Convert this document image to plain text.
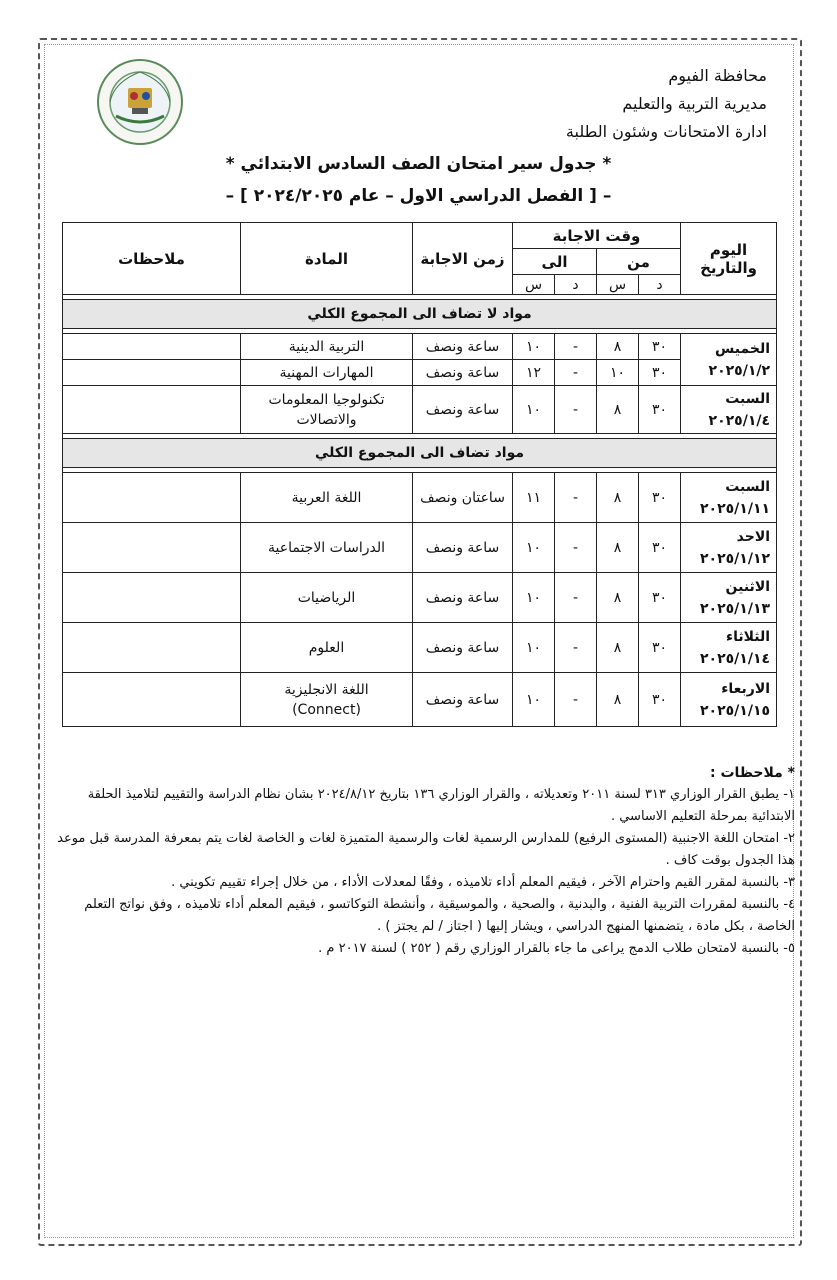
محافظة الفيوم
مديرية التربية والتعليم
ادارة الامتحانات وشئون الطلبة
* جدول سير امتحان الصف السادس الابتدائي *
– [ الفصل الدراسي الاول – عام ٢٠٢٤/٢٠٢٥ ] –
اليوم والتاريخ	وقت الاجابة				زمن الاجابة	المادة	ملاحظات
	من		الى				
	د	س	د	س			

مواد لا تضاف الى المجموع الكلي							

الخميس
٢٠٢٥/١/٢	٣٠	٨	-	١٠	ساعة ونصف	التربية الدينية	
	٣٠	١٠	-	١٢	ساعة ونصف	المهارات المهنية	
السبت
٢٠٢٥/١/٤	٣٠	٨	-	١٠	ساعة ونصف	تكنولوجيا المعلومات والاتصالات	

مواد تضاف الى المجموع الكلي							

السبت
٢٠٢٥/١/١١	٣٠	٨	-	١١	ساعتان ونصف	اللغة العربية	
الاحد
٢٠٢٥/١/١٢	٣٠	٨	-	١٠	ساعة ونصف	الدراسات الاجتماعية	
الاثنين
٢٠٢٥/١/١٣	٣٠	٨	-	١٠	ساعة ونصف	الرياضيات	
الثلاثاء
٢٠٢٥/١/١٤	٣٠	٨	-	١٠	ساعة ونصف	العلوم	
الاربعاء
٢٠٢٥/١/١٥	٣٠	٨	-	١٠	ساعة ونصف	اللغة الانجليزية
(Connect)	

* ملاحظات :

١- يطبق القرار الوزاري ٣١٣ لسنة ٢٠١١ وتعديلاته ، والقرار الوزاري ١٣٦ بتاريخ ٢٠٢٤/٨/١٢ بشان نظام الدراسة والتقييم لتلاميذ الحلقة الابتدائية بمرحلة التعليم الاساسي .

٢- امتحان اللغة الاجنبية (المستوى الرفيع) للمدارس الرسمية لغات والرسمية المتميزة لغات و الخاصة لغات يتم بمعرفة المدرسة قبل موعد هذا الجدول بوقت كاف .

٣- بالنسبة لمقرر القيم واحترام الآخر ، فيقيم المعلم أداء تلاميذه ، وفقًا لمعدلات الأداء ، من خلال إجراء تقييم تكويني .

٤- بالنسبة لمقررات التربية الفنية ، والبدنية ، والصحية ، والموسيقية ، وأنشطة التوكاتسو ، فيقيم المعلم أداء تلاميذه ، وفق نواتج التعلم الخاصة ، بكل مادة ، يتضمنها المنهج الدراسي ، ويشار إليها ( اجتاز / لم يجتز ) .

٥- بالنسبة لامتحان طلاب الدمج يراعى ما جاء بالقرار الوزاري رقم ( ٢٥٢ ) لسنة ٢٠١٧ م .
